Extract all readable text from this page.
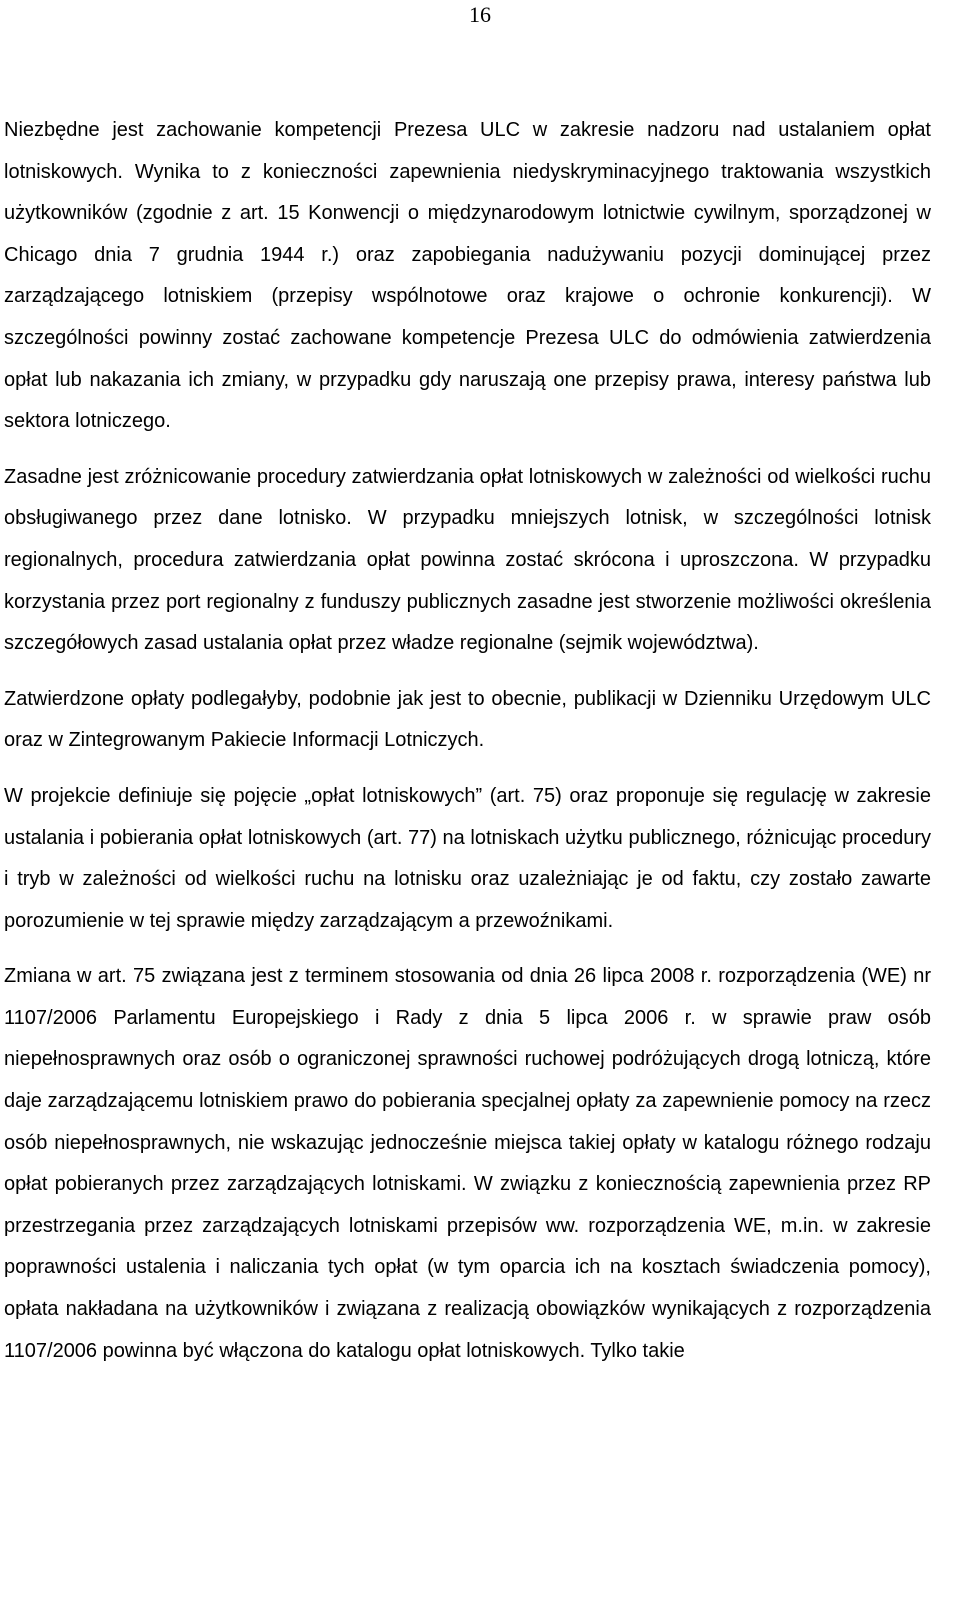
16

Niezbędne jest zachowanie kompetencji Prezesa ULC w zakresie nadzoru nad ustalaniem opłat lotniskowych. Wynika to z konieczności zapewnienia niedyskryminacyjnego traktowania wszystkich użytkowników (zgodnie z art. 15 Konwencji o międzynarodowym lotnictwie cywilnym, sporządzonej w Chicago dnia 7 grudnia 1944 r.) oraz zapobiegania nadużywaniu pozycji dominującej przez zarządzającego lotniskiem (przepisy wspólnotowe oraz krajowe o ochronie konkurencji). W szczególności powinny zostać zachowane kompetencje Prezesa ULC do odmówienia zatwierdzenia opłat lub nakazania ich zmiany, w przypadku gdy naruszają one przepisy prawa, interesy państwa lub sektora lotniczego.

Zasadne jest zróżnicowanie procedury zatwierdzania opłat lotniskowych w zależności od wielkości ruchu obsługiwanego przez dane lotnisko. W przypadku mniejszych lotnisk, w szczególności lotnisk regionalnych, procedura zatwierdzania opłat powinna zostać skrócona i uproszczona. W przypadku korzystania przez port regionalny z funduszy publicznych zasadne jest stworzenie możliwości określenia szczegółowych zasad ustalania opłat przez władze regionalne (sejmik województwa).

Zatwierdzone opłaty podlegałyby, podobnie jak jest to obecnie, publikacji w Dzienniku Urzędowym ULC oraz w Zintegrowanym Pakiecie Informacji Lotniczych.

W projekcie definiuje się pojęcie „opłat lotniskowych” (art. 75) oraz proponuje się regulację w zakresie ustalania i pobierania opłat lotniskowych (art. 77) na lotniskach użytku publicznego, różnicując procedury i tryb w zależności od wielkości ruchu na lotnisku oraz uzależniając je od faktu, czy zostało zawarte porozumienie w tej sprawie między zarządzającym a przewoźnikami.

Zmiana w art. 75 związana jest z terminem stosowania od dnia 26 lipca 2008 r. rozporządzenia (WE) nr 1107/2006 Parlamentu Europejskiego i Rady z dnia 5 lipca 2006 r. w sprawie praw osób niepełnosprawnych oraz osób o ograniczonej sprawności ruchowej podróżujących drogą lotniczą, które daje zarządzającemu lotniskiem prawo do pobierania specjalnej opłaty za zapewnienie pomocy na rzecz osób niepełnosprawnych, nie wskazując jednocześnie miejsca takiej opłaty w katalogu różnego rodzaju opłat pobieranych przez zarządzających lotniskami. W związku z koniecznością zapewnienia przez RP przestrzegania przez zarządzających lotniskami przepisów ww. rozporządzenia WE, m.in. w zakresie poprawności ustalenia i naliczania tych opłat (w tym oparcia ich na kosztach świadczenia pomocy), opłata nakładana na użytkowników i związana z realizacją obowiązków wynikających z rozporządzenia 1107/2006 powinna być włączona do katalogu opłat lotniskowych. Tylko takie
